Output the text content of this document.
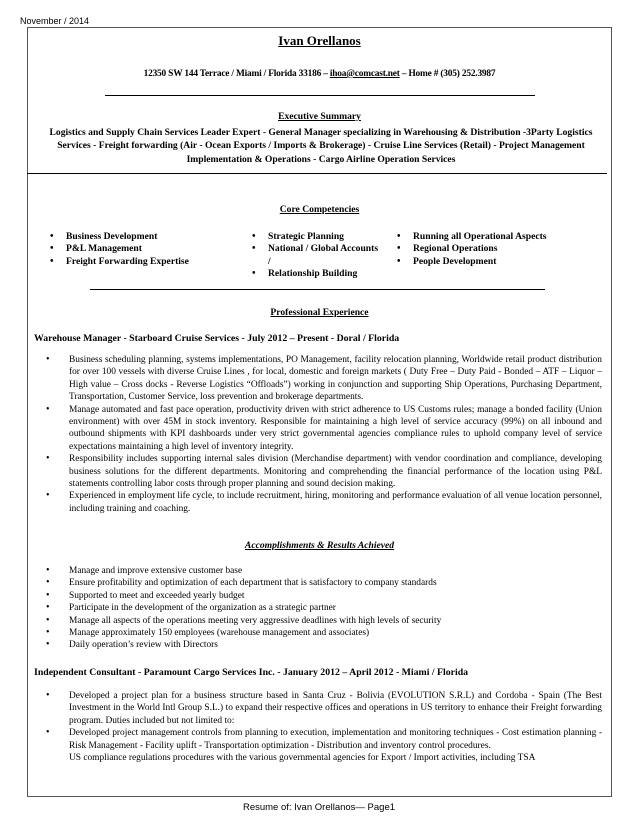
November / 2014
Ivan Orellanos
12350 SW 144 Terrace / Miami / Florida 33186 – ihoa@comcast.net – Home # (305) 252.3987
Executive Summary
Logistics and Supply Chain Services Leader Expert - General Manager specializing in Warehousing & Distribution -3Party Logistics Services - Freight forwarding (Air - Ocean Exports / Imports & Brokerage) - Cruise Line Services (Retail) - Project Management Implementation & Operations - Cargo Airline Operation Services
Core Competencies
• Business Development
• P&L Management
• Freight Forwarding Expertise
• Strategic Planning
• National / Global Accounts /
• Relationship Building
• Running all Operational Aspects
• Regional Operations
• People Development
Professional Experience
Warehouse Manager - Starboard Cruise Services - July 2012 – Present - Doral / Florida
• Business scheduling planning, systems implementations, PO Management, facility relocation planning, Worldwide retail product distribution for over 100 vessels with diverse Cruise Lines , for local, domestic and foreign markets ( Duty Free – Duty Paid - Bonded – ATF – Liquor – High value – Cross docks - Reverse Logistics “Offloads”) working in conjunction and supporting Ship Operations, Purchasing Department, Transportation, Customer Service, loss prevention and brokerage departments.
• Manage automated and fast pace operation, productivity driven with strict adherence to US Customs rules; manage a bonded facility (Union environment) with over 45M in stock inventory. Responsible for maintaining a high level of service accuracy (99%) on all inbound and outbound shipments with KPI dashboards under very strict governmental agencies compliance rules to uphold company level of service expectations maintaining a high level of inventory integrity.
• Responsibility includes supporting internal sales division (Merchandise department) with vendor coordination and compliance, developing business solutions for the different departments. Monitoring and comprehending the financial performance of the location using P&L statements controlling labor costs through proper planning and sound decision making.
• Experienced in employment life cycle, to include recruitment, hiring, monitoring and performance evaluation of all venue location personnel, including training and coaching.
Accomplishments & Results Achieved
• Manage and improve extensive customer base
• Ensure profitability and optimization of each department that is satisfactory to company standards
• Supported to meet and exceeded yearly budget
• Participate in the development of the organization as a strategic partner
• Manage all aspects of the operations meeting very aggressive deadlines with high levels of security
• Manage approximately 150 employees (warehouse management and associates)
• Daily operation’s review with Directors
Independent Consultant - Paramount Cargo Services Inc. - January 2012 – April 2012 - Miami / Florida
• Developed a project plan for a business structure based in Santa Cruz - Bolivia (EVOLUTION S.R.L) and Cordoba - Spain (The Best Investment in the World Intl Group S.L.) to expand their respective offices and operations in US territory to enhance their Freight forwarding program. Duties included but not limited to:
• Developed project management controls from planning to execution, implementation and monitoring techniques - Cost estimation planning - Risk Management - Facility uplift - Transportation optimization - Distribution and inventory control procedures.
US compliance regulations procedures with the various governmental agencies for Export / Import activities, including TSA
Resume of: Ivan Orellanos— Page1
